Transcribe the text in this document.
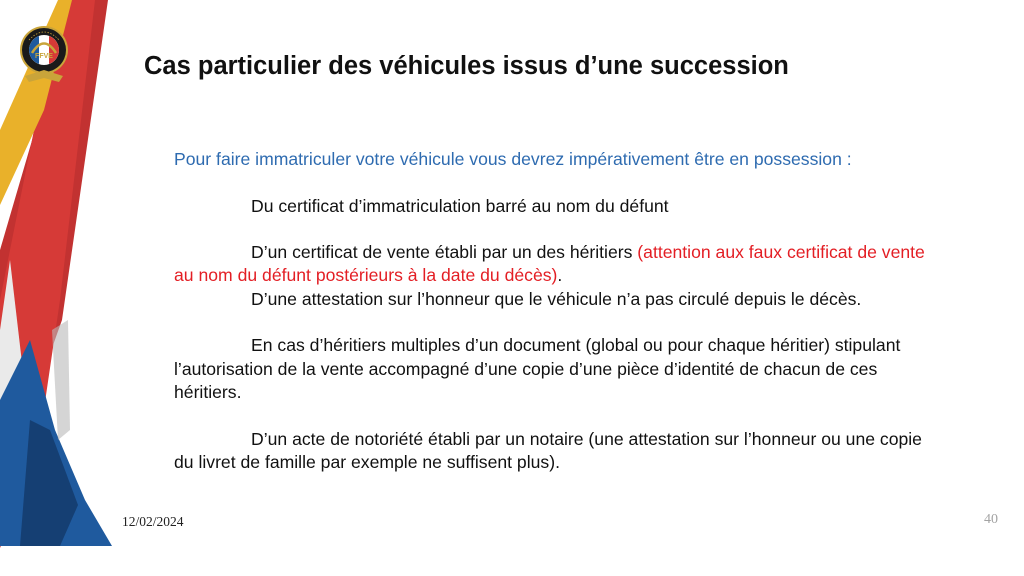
FFVE	Cas particulier des véhicules issus d’une succession

Pour faire immatriculer votre véhicule vous devrez impérativement être en possession :

Du certificat d’immatriculation barré au nom du défunt

D’un certificat de vente établi par un des héritiers (attention aux faux certificat de vente au nom du défunt postérieurs à la date du décès).

D’une attestation sur l’honneur que le véhicule n’a pas circulé depuis le décès.

En cas d’héritiers multiples d’un document (global ou pour chaque héritier) stipulant l’autorisation de la vente accompagné d’une copie d’une pièce d’identité de chacun de ces héritiers.

D’un acte de notoriété établi par un notaire (une attestation sur l’honneur ou une copie du livret de famille par exemple ne suffisent plus).

12/02/2024	40
